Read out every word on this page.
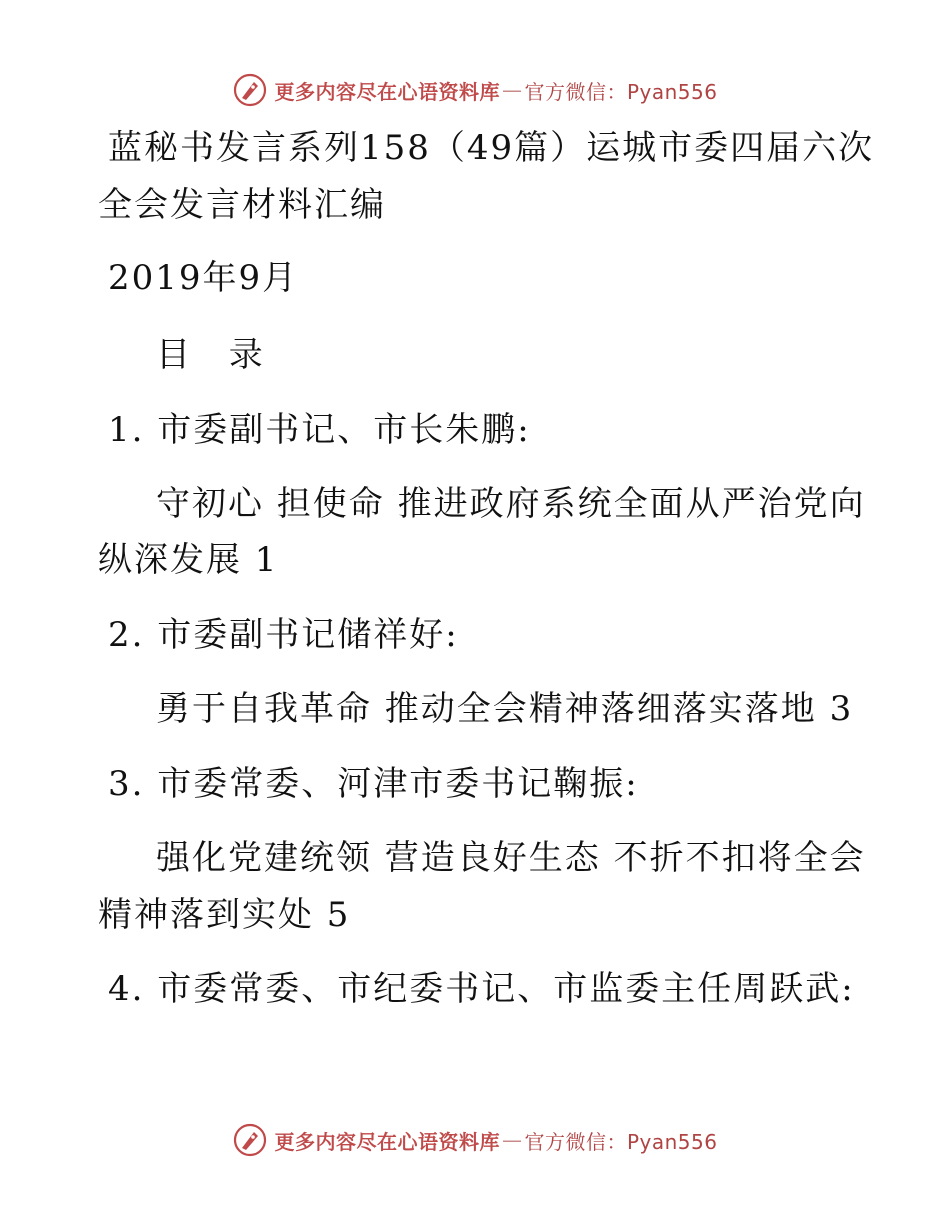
更多内容尽在心语资料库 — 官方微信：Pyan556
蓝秘书发言系列158（49篇）运城市委四届六次
全会发言材料汇编
2019年9月
目 录
1. 市委副书记、市长朱鹏:
守初心 担使命 推进政府系统全面从严治党向
纵深发展 1
2. 市委副书记储祥好:
勇于自我革命 推动全会精神落细落实落地 3
3. 市委常委、河津市委书记鞠振:
强化党建统领 营造良好生态 不折不扣将全会
精神落到实处 5
4. 市委常委、市纪委书记、市监委主任周跃武:
更多内容尽在心语资料库 — 官方微信：Pyan556
